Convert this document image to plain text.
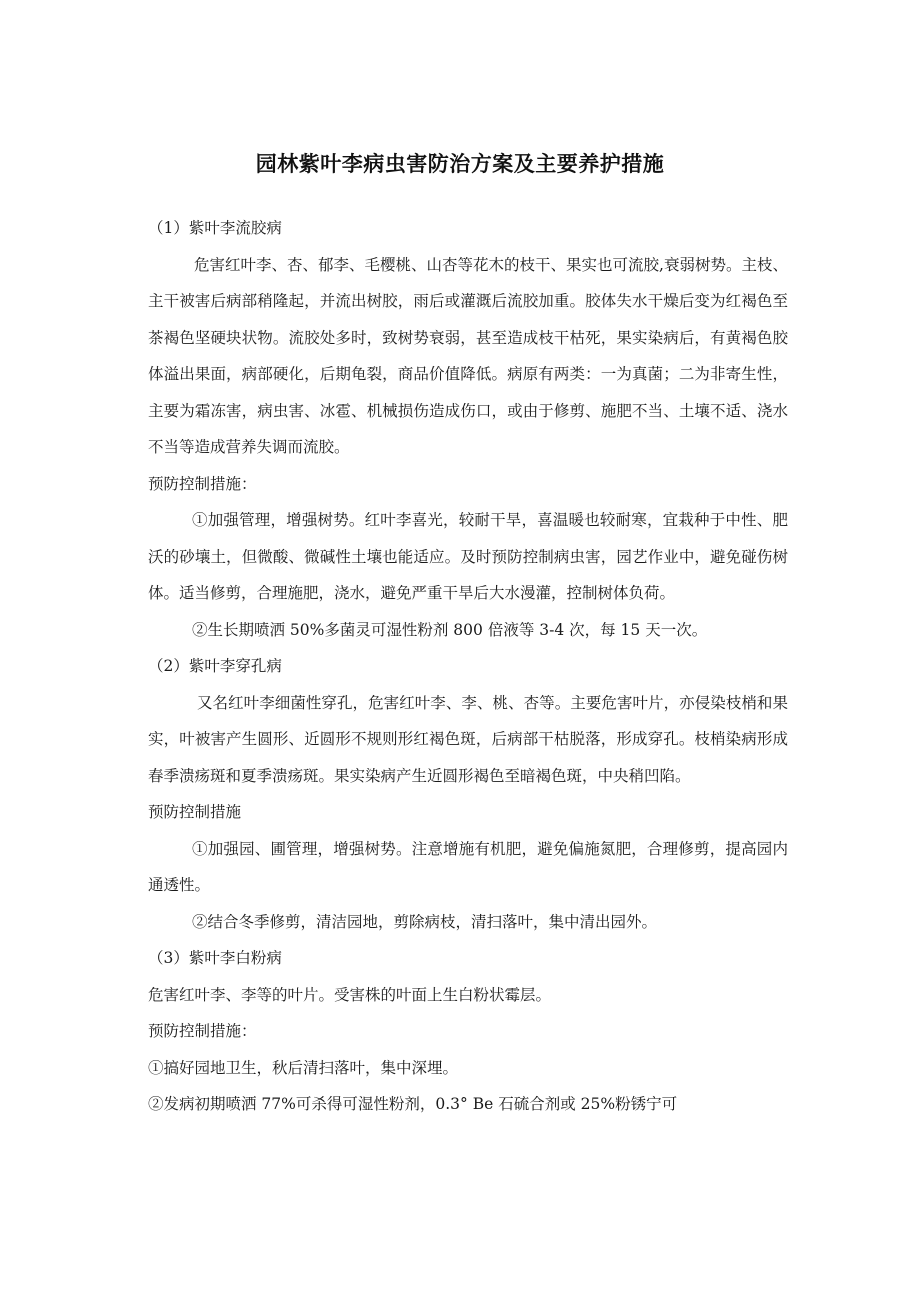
园林紫叶李病虫害防治方案及主要养护措施

（1）紫叶李流胶病

危害红叶李、杏、郁李、毛樱桃、山杏等花木的枝干、果实也可流胶,衰弱树势。主枝、主干被害后病部稍隆起，并流出树胶，雨后或灌溉后流胶加重。胶体失水干燥后变为红褐色至茶褐色坚硬块状物。流胶处多时，致树势衰弱，甚至造成枝干枯死，果实染病后，有黄褐色胶体溢出果面，病部硬化，后期龟裂，商品价值降低。病原有两类：一为真菌；二为非寄生性，主要为霜冻害，病虫害、冰雹、机械损伤造成伤口，或由于修剪、施肥不当、土壤不适、浇水不当等造成营养失调而流胶。

预防控制措施：

①加强管理，增强树势。红叶李喜光，较耐干旱，喜温暖也较耐寒，宜栽种于中性、肥沃的砂壤土，但微酸、微碱性土壤也能适应。及时预防控制病虫害，园艺作业中，避免碰伤树体。适当修剪，合理施肥，浇水，避免严重干旱后大水漫灌，控制树体负荷。

②生长期喷洒 50%多菌灵可湿性粉剂 800 倍液等 3-4 次，每 15 天一次。

（2）紫叶李穿孔病

又名红叶李细菌性穿孔，危害红叶李、李、桃、杏等。主要危害叶片，亦侵染枝梢和果实，叶被害产生圆形、近圆形不规则形红褐色斑，后病部干枯脱落，形成穿孔。枝梢染病形成春季溃疡斑和夏季溃疡斑。果实染病产生近圆形褐色至暗褐色斑，中央稍凹陷。

预防控制措施

①加强园、圃管理，增强树势。注意增施有机肥，避免偏施氮肥，合理修剪，提高园内通透性。

②结合冬季修剪，清洁园地，剪除病枝，清扫落叶，集中清出园外。

（3）紫叶李白粉病

危害红叶李、李等的叶片。受害株的叶面上生白粉状霉层。

预防控制措施：

①搞好园地卫生，秋后清扫落叶，集中深埋。

②发病初期喷洒 77%可杀得可湿性粉剂，0.3° Be 石硫合剂或 25%粉锈宁可
